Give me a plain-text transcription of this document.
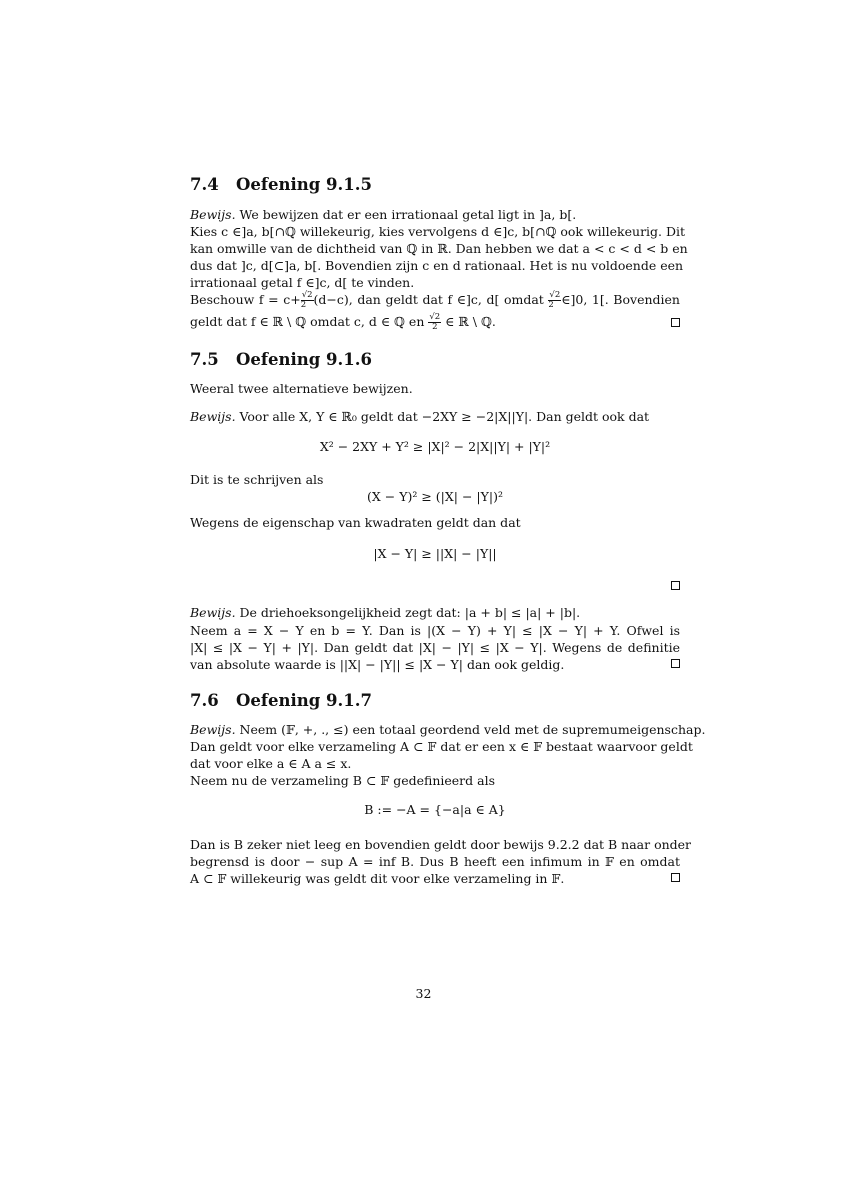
7.4 Oefening 9.1.5
Bewijs. We bewijzen dat er een irrationaal getal ligt in ]a, b[.
Kies c ∈]a, b[∩ℚ willekeurig, kies vervolgens d ∈]c, b[∩ℚ ook willekeurig. Dit
kan omwille van de dichtheid van ℚ in ℝ. Dan hebben we dat a < c < d < b en
dus dat ]c, d[⊂]a, b[. Bovendien zijn c en d rationaal. Het is nu voldoende een
irrationaal getal f ∈]c, d[ te vinden.
Beschouw $f = c+ \frac{√2}{2} (d-c)$, dan geldt dat f ∈]c, d[ omdat $\frac{√2}{2}$ ∈]0, 1[. Bovendien
geldt dat f ∈ ℝ \ ℚ omdat c, d ∈ ℚ en $\frac{√2}{2}$ ∈ ℝ \ ℚ.
7.5 Oefening 9.1.6
Weeral twee alternatieve bewijzen.
Bewijs. Voor alle X, Y ∈ ℝ₀ geldt dat −2XY ≥ −2|X||Y|. Dan geldt ook dat
X² − 2XY + Y² ≥ |X|² − 2|X||Y| + |Y|²
Dit is te schrijven als
(X − Y)² ≥ (|X| − |Y|)²
Wegens de eigenschap van kwadraten geldt dan dat
|X − Y| ≥ ||X| − |Y||
Bewijs. De driehoeksongelijkheid zegt dat: |a + b| ≤ |a| + |b|.
Neem a = X − Y en b = Y. Dan is |(X − Y) + Y| ≤ |X − Y| + Y. Ofwel is
|X| ≤ |X − Y| + |Y|. Dan geldt dat |X| − |Y| ≤ |X − Y|. Wegens de definitie
van absolute waarde is ||X| − |Y|| ≤ |X − Y| dan ook geldig.
7.6 Oefening 9.1.7
Bewijs. Neem (𝔽, +, ., ≤) een totaal geordend veld met de supremumeigenschap.
Dan geldt voor elke verzameling A ⊂ 𝔽 dat er een x ∈ 𝔽 bestaat waarvoor geldt
dat voor elke a ∈ A a ≤ x.
Neem nu de verzameling B ⊂ 𝔽 gedefinieerd als
B := −A = {−a|a ∈ A}
Dan is B zeker niet leeg en bovendien geldt door bewijs 9.2.2 dat B naar onder
begrensd is door − sup A = inf B. Dus B heeft een infimum in 𝔽 en omdat
A ⊂ 𝔽 willekeurig was geldt dit voor elke verzameling in 𝔽.
32
